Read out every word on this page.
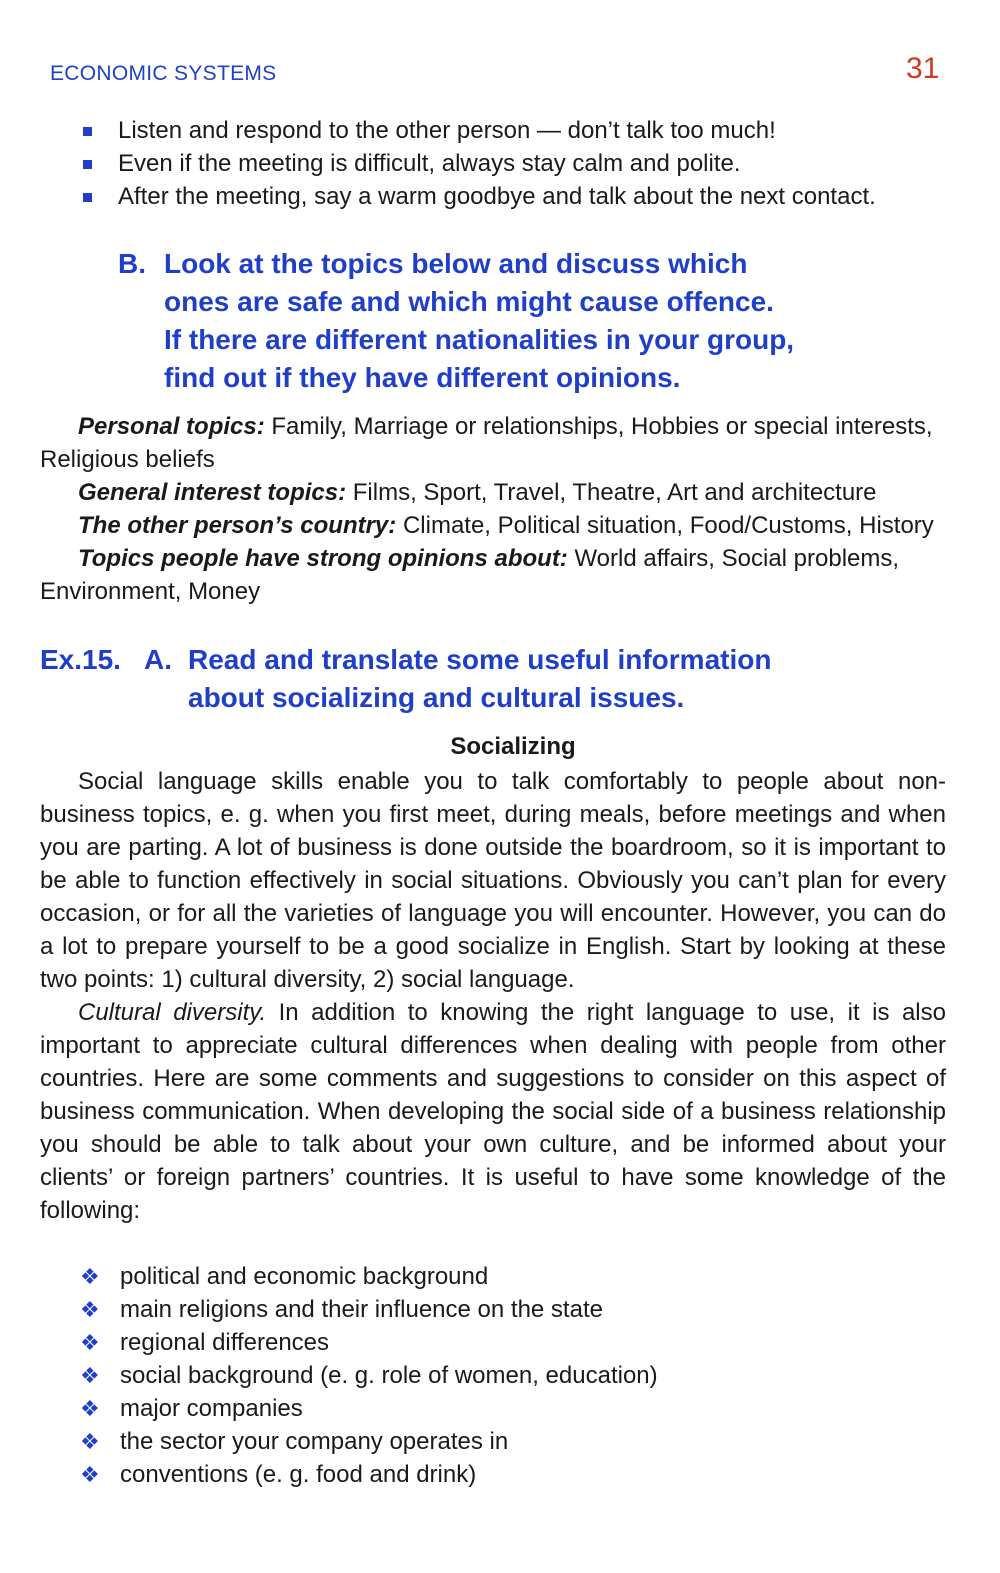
ECONOMIC SYSTEMS	31
Listen and respond to the other person — don’t talk too much!
Even if the meeting is difficult, always stay calm and polite.
After the meeting, say a warm goodbye and talk about the next contact.
B. Look at the topics below and discuss which
ones are safe and which might cause offence.
If there are different nationalities in your group,
find out if they have different opinions.

Personal topics: Family, Marriage or relationships, Hobbies or special interests, Religious beliefs

General interest topics: Films, Sport, Travel, Theatre, Art and architecture

The other person’s country: Climate, Political situation, Food/Customs, History

Topics people have strong opinions about: World affairs, Social problems, Environment, Money

Ex.15. A. Read and translate some useful information
about socializing and cultural issues.
Socializing

Social language skills enable you to talk comfortably to people about non-business topics, e. g. when you first meet, during meals, before meetings and when you are parting. A lot of business is done outside the boardroom, so it is important to be able to function effectively in social situations. Obviously you can’t plan for every occasion, or for all the varieties of language you will encounter. However, you can do a lot to prepare yourself to be a good socialize in English. Start by looking at these two points: 1) cultural diversity, 2) social language.

Cultural diversity. In addition to knowing the right language to use, it is also important to appreciate cultural differences when dealing with people from other countries. Here are some comments and suggestions to consider on this aspect of business communication. When developing the social side of a business relationship you should be able to talk about your own culture, and be informed about your clients’ or foreign partners’ countries. It is useful to have some knowledge of the following:

❖ political and economic background
❖ main religions and their influence on the state
❖ regional differences
❖ social background (e. g. role of women, education)
❖ major companies
❖ the sector your company operates in
❖ conventions (e. g. food and drink)
